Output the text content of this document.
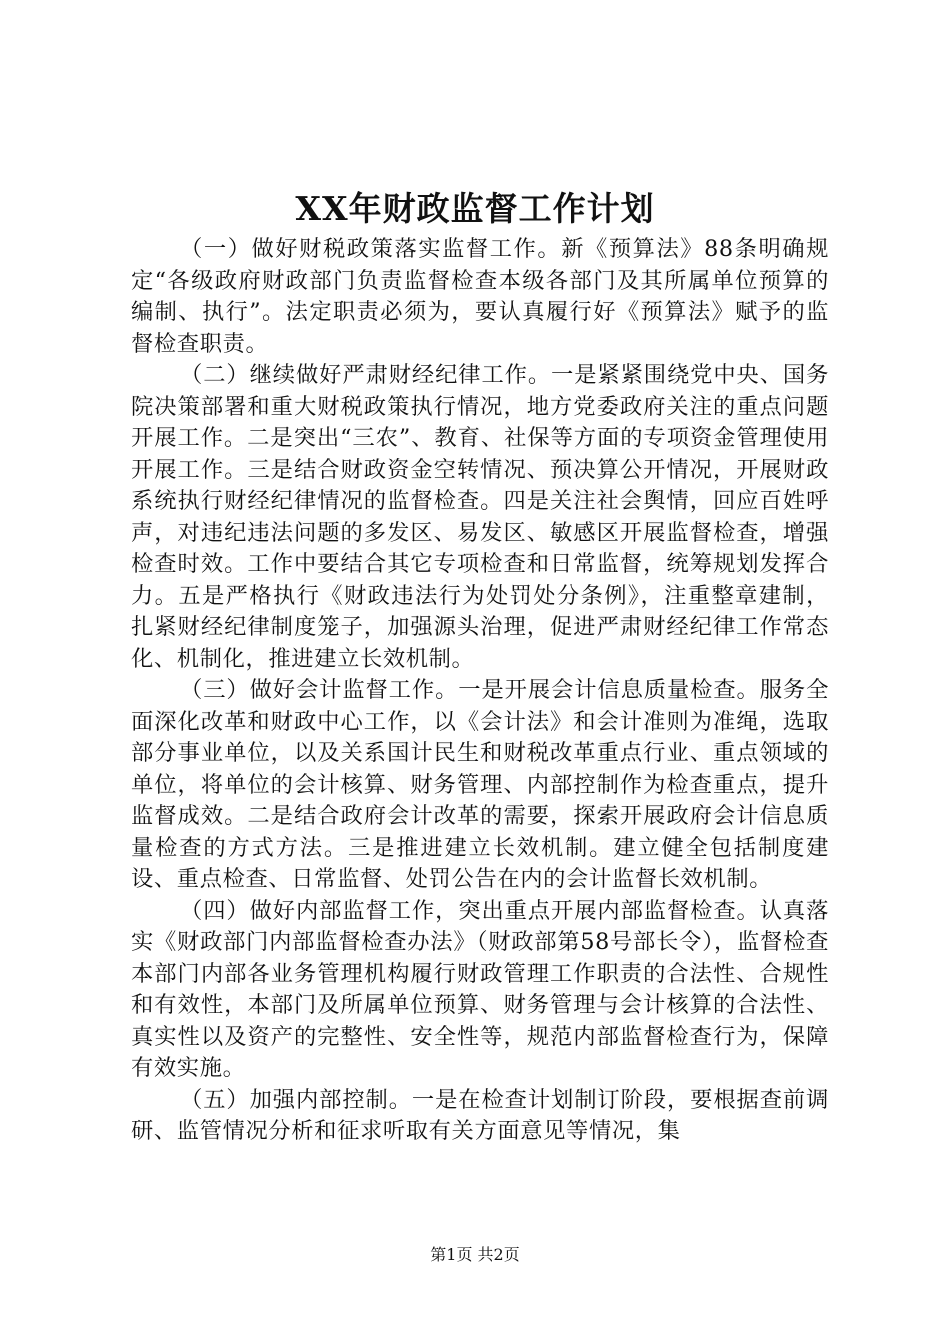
XX年财政监督工作计划

（一）做好财税政策落实监督工作。新《预算法》88条明确规定“各级政府财政部门负责监督检查本级各部门及其所属单位预算的编制、执行”。法定职责必须为，要认真履行好《预算法》赋予的监督检查职责。

（二）继续做好严肃财经纪律工作。一是紧紧围绕党中央、国务院决策部署和重大财税政策执行情况，地方党委政府关注的重点问题开展工作。二是突出“三农”、教育、社保等方面的专项资金管理使用开展工作。三是结合财政资金空转情况、预决算公开情况，开展财政系统执行财经纪律情况的监督检查。四是关注社会舆情，回应百姓呼声，对违纪违法问题的多发区、易发区、敏感区开展监督检查，增强检查时效。工作中要结合其它专项检查和日常监督，统筹规划发挥合力。五是严格执行《财政违法行为处罚处分条例》，注重整章建制，扎紧财经纪律制度笼子，加强源头治理，促进严肃财经纪律工作常态化、机制化，推进建立长效机制。

（三）做好会计监督工作。一是开展会计信息质量检查。服务全面深化改革和财政中心工作，以《会计法》和会计准则为准绳，选取部分事业单位，以及关系国计民生和财税改革重点行业、重点领域的单位，将单位的会计核算、财务管理、内部控制作为检查重点，提升监督成效。二是结合政府会计改革的需要，探索开展政府会计信息质量检查的方式方法。三是推进建立长效机制。建立健全包括制度建设、重点检查、日常监督、处罚公告在内的会计监督长效机制。

（四）做好内部监督工作，突出重点开展内部监督检查。认真落实《财政部门内部监督检查办法》（财政部第58号部长令），监督检查本部门内部各业务管理机构履行财政管理工作职责的合法性、合规性和有效性，本部门及所属单位预算、财务管理与会计核算的合法性、真实性以及资产的完整性、安全性等，规范内部监督检查行为，保障有效实施。

（五）加强内部控制。一是在检查计划制订阶段，要根据查前调研、监管情况分析和征求听取有关方面意见等情况，集

第1页 共2页
